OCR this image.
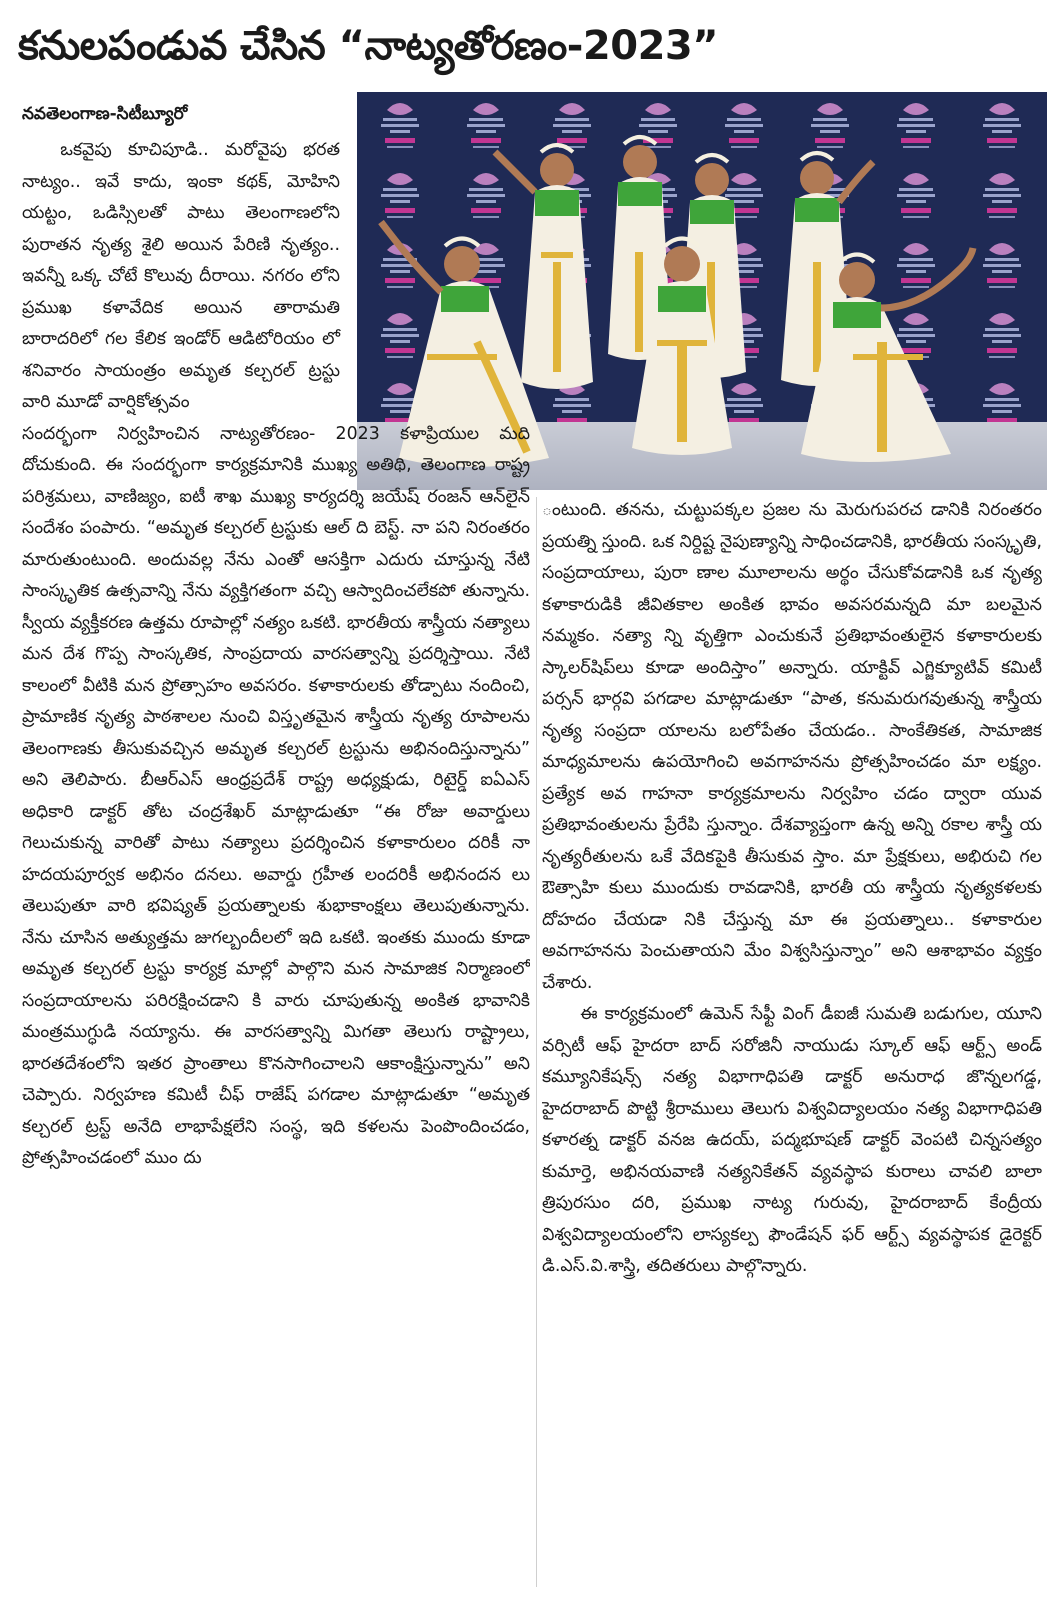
కనులపండువ చేసిన “నాట్యతోరణం-2023”
నవతెలంగాణ-సిటీబ్యూరో

ఒకవైపు కూచిపూడి.. మరోవైపు భరత నాట్యం.. ఇవే కాదు, ఇంకా కథక్‌, మోహిని యట్టం, ఒడిస్సిలతో పాటు తెలంగాణలోని పురాతన నృత్య శైలి అయిన పేరిణి నృత్యం.. ఇవన్నీ ఒక్క చోటే కొలువు దీరాయి. నగరం లోని ప్రముఖ కళావేదిక అయిన తారామతి బారాదరిలో గల కేలిక ఇండోర్‌ ఆడిటోరియం లో శనివారం సాయంత్రం అమృత కల్చరల్‌ ట్రస్టు వారి మూడో వార్షికోత్సవం

సందర్భంగా నిర్వహించిన నాట్యతోరణం- 2023 కళాప్రియుల మది దోచుకుంది. ఈ సందర్భంగా కార్యక్రమానికి ముఖ్య అతిథి, తెలంగాణ రాష్ట్ర పరిశ్రమలు, వాణిజ్యం, ఐటీ శాఖ ముఖ్య కార్యదర్శి జయేష్‌ రంజన్‌ ఆన్‌లైన్‌ సందేశం పంపారు. “అమృత కల్చరల్‌ ట్రస్టుకు ఆల్‌ ది బెస్ట్‌. నా పని నిరంతరం మారుతుంటుంది. అందువల్ల నేను ఎంతో ఆసక్తిగా ఎదురు చూస్తున్న నేటి సాంస్కృతిక ఉత్సవాన్ని నేను వ్యక్తిగతంగా వచ్చి ఆస్వాదించలేకపో తున్నాను. స్వీయ వ్యక్తీకరణ ఉత్తమ రూపాల్లో నత్యం ఒకటి. భారతీయ శాస్త్రీయ నత్యాలు మన దేశ గొప్ప సాంస్కతిక, సాంప్రదాయ వారసత్వాన్ని ప్రదర్శిస్తాయి. నేటి కాలంలో వీటికి మన ప్రోత్సాహం అవసరం. కళాకారులకు తోడ్పాటు నందించి, ప్రామాణిక నృత్య పాఠశాలల నుంచి విస్తృతమైన శాస్త్రీయ నృత్య రూపాలను తెలంగాణకు తీసుకువచ్చిన అమృత కల్చరల్‌ ట్రస్టును అభినందిస్తున్నాను” అని తెలిపారు. బీఆర్‌ఎస్‌ ఆంధ్రప్రదేశ్‌ రాష్ట్ర అధ్యక్షుడు, రిటైర్డ్‌ ఐఏఎస్‌ అధికారి డాక్టర్‌ తోట చంద్రశేఖర్‌ మాట్లాడుతూ “ఈ రోజు అవార్డులు గెలుచుకున్న వారితో పాటు నత్యాలు ప్రదర్శించిన కళాకారులం దరికీ నా హదయపూర్వక అభినం దనలు. అవార్డు గ్రహీత లందరికీ అభినందన లు తెలుపుతూ వారి భవిష్యత్‌ ప్రయత్నాలకు శుభాకాంక్షలు తెలుపుతున్నాను. నేను చూసిన అత్యుత్తమ జుగల్బందీలలో ఇది ఒకటి. ఇంతకు ముందు కూడా అమృత కల్చరల్‌ ట్రస్టు కార్యక్ర మాల్లో పాల్గొని మన సామాజిక నిర్మాణంలో సంప్రదాయాలను పరిరక్షించడాని కి వారు చూపుతున్న అంకిత భావానికి మంత్రముగ్ధుడి నయ్యాను. ఈ వారసత్వాన్ని మిగతా తెలుగు రాష్ట్రాలు, భారతదేశంలోని ఇతర ప్రాంతాలు కొనసాగించాలని ఆకాంక్షిస్తున్నాను” అని చెప్పారు. నిర్వహణ కమిటీ చీఫ్‌ రాజేష్‌ పగడాల మాట్లాడుతూ “అమృత కల్చరల్‌ ట్రస్ట్‌ అనేది లాభాపేక్షలేని సంస్థ, ఇది కళలను పెంపొందించడం, ప్రోత్సహించడంలో ముం దు

ంటుంది. తనను, చుట్టుపక్కల ప్రజల ను మెరుగుపరచ డానికి నిరంతరం ప్రయత్ని స్తుంది. ఒక నిర్దిష్ట నైపుణ్యాన్ని సాధించడానికి, భారతీయ సంస్కృతి, సంప్రదాయాలు, పురా ణాల మూలాలను అర్థం చేసుకోవడానికి ఒక నృత్య కళాకారుడికి జీవితకాల అంకిత భావం అవసరమన్నది మా బలమైన నమ్మకం. నత్యా న్ని వృత్తిగా ఎంచుకునే ప్రతిభావంతులైన కళాకారులకు స్కాలర్‌షిప్‌లు కూడా అందిస్తాం” అన్నారు. యాక్టివ్‌ ఎగ్జిక్యూటివ్‌ కమిటీ పర్సన్‌ భార్గవి పగడాల మాట్లాడుతూ “పాత, కనుమరుగవుతున్న శాస్త్రీయ నృత్య సంప్రదా యాలను బలోపేతం చేయడం.. సాంకేతికత, సామాజిక మాధ్యమాలను ఉపయోగించి అవగాహనను ప్రోత్సహించడం మా లక్ష్యం. ప్రత్యేక అవ గాహనా కార్యక్రమాలను నిర్వహిం చడం ద్వారా యువ ప్రతిభావంతులను ప్రేరేపి స్తున్నాం. దేశవ్యాప్తంగా ఉన్న అన్ని రకాల శాస్త్రీ య నృత్యరీతులను ఒకే వేదికపైకి తీసుకువ స్తాం. మా ప్రేక్షకులు, అభిరుచి గల ఔత్సాహి కులు ముందుకు రావడానికి, భారతీ య శాస్త్రీయ నృత్యకళలకు దోహదం చేయడా నికి చేస్తున్న మా ఈ ప్రయత్నాలు.. కళాకారుల అవగాహనను పెంచుతాయని మేం విశ్వసిస్తున్నాం” అని ఆశాభావం వ్యక్తం చేశారు.

ఈ కార్యక్రమంలో ఉమెన్‌ సేఫ్టీ వింగ్‌ డీఐజీ సుమతి బడుగుల, యూని వర్సిటీ ఆఫ్‌ హైదరా బాద్‌ సరోజినీ నాయుడు స్కూల్‌ ఆఫ్‌ ఆర్ట్స్‌ అండ్‌ కమ్యూనికేషన్స్‌ నత్య విభాగాధిపతి డాక్టర్‌ అనురాధ జొన్నలగడ్డ, హైదరాబాద్‌ పొట్టి శ్రీరాములు తెలుగు విశ్వవిద్యాలయం నత్య విభాగాధిపతి కళారత్న డాక్టర్‌ వనజ ఉదయ్‌, పద్మభూషణ్‌ డాక్టర్‌ వెంపటి చిన్నసత్యం కుమార్తె, అభినయవాణి నత్యనికేతన్‌ వ్యవస్థాప కురాలు చావలి బాలా త్రిపురసుం దరి, ప్రముఖ నాట్య గురువు, హైదరాబాద్‌ కేంద్రీయ విశ్వవిద్యాలయంలోని లాస్యకల్ప ఫౌండేషన్‌ ఫర్‌ ఆర్ట్స్‌ వ్యవస్థాపక డైరెక్టర్‌ డి.ఎస్‌.వి.శాస్త్రి, తదితరులు పాల్గొన్నారు.
